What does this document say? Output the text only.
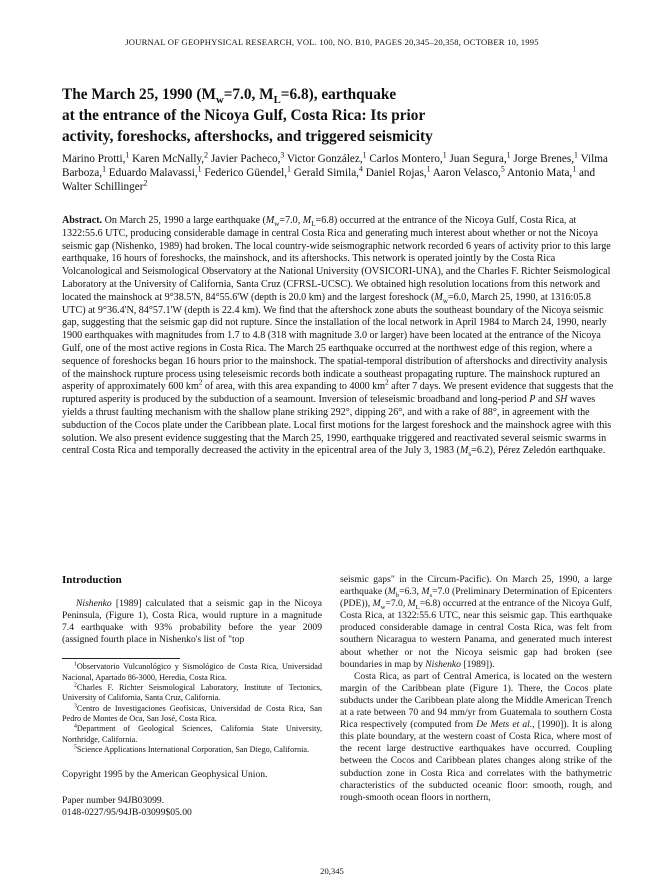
JOURNAL OF GEOPHYSICAL RESEARCH, VOL. 100, NO. B10, PAGES 20,345–20,358, OCTOBER 10, 1995
The March 25, 1990 ($M_w=7.0$, $M_L=6.8$), earthquake
at the entrance of the Nicoya Gulf, Costa Rica: Its prior
activity, foreshocks, aftershocks, and triggered seismicity
Marino Protti,$^1$ Karen McNally,$^2$ Javier Pacheco,$^3$ Victor González,$^1$ Carlos Montero,$^1$ Juan Segura,$^1$ Jorge Brenes,$^1$ Vilma Barboza,$^1$ Eduardo Malavassi,$^1$ Federico Güendel,$^1$ Gerald Simila,$^4$ Daniel Rojas,$^1$ Aaron Velasco,$^5$ Antonio Mata,$^1$ and Walter Schillinger$^2$
Abstract. On March 25, 1990 a large earthquake ($M_w=7.0$, $M_L=6.8$) occurred at the entrance of the Nicoya Gulf, Costa Rica, at 1322:55.6 UTC, producing considerable damage in central Costa Rica and generating much interest about whether or not the Nicoya seismic gap (Nishenko, 1989) had broken. The local country-wide seismographic network recorded 6 years of activity prior to this large earthquake, 16 hours of foreshocks, the mainshock, and its aftershocks. This network is operated jointly by the Costa Rica Volcanological and Seismological Observatory at the National University (OVSICORI-UNA), and the Charles F. Richter Seismological Laboratory at the University of California, Santa Cruz (CFRSL-UCSC). We obtained high resolution locations from this network and located the mainshock at 9°38.5'N, 84°55.6'W (depth is 20.0 km) and the largest foreshock ($M_w=6.0$, March 25, 1990, at 1316:05.8 UTC) at 9°36.4'N, 84°57.1'W (depth is 22.4 km). We find that the aftershock zone abuts the southeast boundary of the Nicoya seismic gap, suggesting that the seismic gap did not rupture. Since the installation of the local network in April 1984 to March 24, 1990, nearly 1900 earthquakes with magnitudes from 1.7 to 4.8 (318 with magnitude 3.0 or larger) have been located at the entrance of the Nicoya Gulf, one of the most active regions in Costa Rica. The March 25 earthquake occurred at the northwest edge of this region, where a sequence of foreshocks began 16 hours prior to the mainshock. The spatial-temporal distribution of aftershocks and directivity analysis of the mainshock rupture process using teleseismic records both indicate a southeast propagating rupture. The mainshock ruptured an asperity of approximately 600 $km^2$ of area, with this area expanding to 4000 $km^2$ after 7 days. We present evidence that suggests that the ruptured asperity is produced by the subduction of a seamount. Inversion of teleseismic broadband and long-period P and SH waves yields a thrust faulting mechanism with the shallow plane striking 292°, dipping 26°, and with a rake of 88°, in agreement with the subduction of the Cocos plate under the Caribbean plate. Local first motions for the largest foreshock and the mainshock agree with this solution. We also present evidence suggesting that the March 25, 1990, earthquake triggered and reactivated several seismic swarms in central Costa Rica and temporally decreased the activity in the epicentral area of the July 3, 1983 $(M_s=6.2)$, Pérez Zeledón earthquake.
Introduction

Nishenko [1989] calculated that a seismic gap in the Nicoya Peninsula, (Figure 1), Costa Rica, would rupture in a magnitude 7.4 earthquake with 93% probability before the year 2009 (assigned fourth place in Nishenko's list of "top

$^1$Observatorio Vulcanológico y Sismológico de Costa Rica, Universidad Nacional, Apartado 86-3000, Heredia, Costa Rica.
$^2$Charles F. Richter Seismological Laboratory, Institute of Tectonics, University of California, Santa Cruz, California.
$^3$Centro de Investigaciones Geofísicas, Universidad de Costa Rica, San Pedro de Montes de Oca, San José, Costa Rica.
$^4$Department of Geological Sciences, California State University, Northridge, California.
$^5$Science Applications International Corporation, San Diego, California.
Copyright 1995 by the American Geophysical Union.
Paper number 94JB03099.
0148-0227/95/94JB-03099$05.00

seismic gaps" in the Circum-Pacific). On March 25, 1990, a large earthquake ($M_b=6.3$, $M_s=7.0$ (Preliminary Determination of Epicenters (PDE)), $M_w=7.0$, $M_L=6.8$) occurred at the entrance of the Nicoya Gulf, Costa Rica, at 1322:55.6 UTC, near this seismic gap. This earthquake produced considerable damage in central Costa Rica, was felt from southern Nicaragua to western Panama, and generated much interest about whether or not the Nicoya seismic gap had broken (see boundaries in map by Nishenko [1989]).

Costa Rica, as part of Central America, is located on the western margin of the Caribbean plate (Figure 1). There, the Cocos plate subducts under the Caribbean plate along the Middle American Trench at a rate between 70 and 94 mm/yr from Guatemala to southern Costa Rica respectively (computed from De Mets et al., [1990]). It is along this plate boundary, at the western coast of Costa Rica, where most of the recent large destructive earthquakes have occurred. Coupling between the Cocos and Caribbean plates changes along strike of the subduction zone in Costa Rica and correlates with the bathymetric characteristics of the subducted oceanic floor: smooth, rough, and rough-smooth ocean floors in northern,

20,345
